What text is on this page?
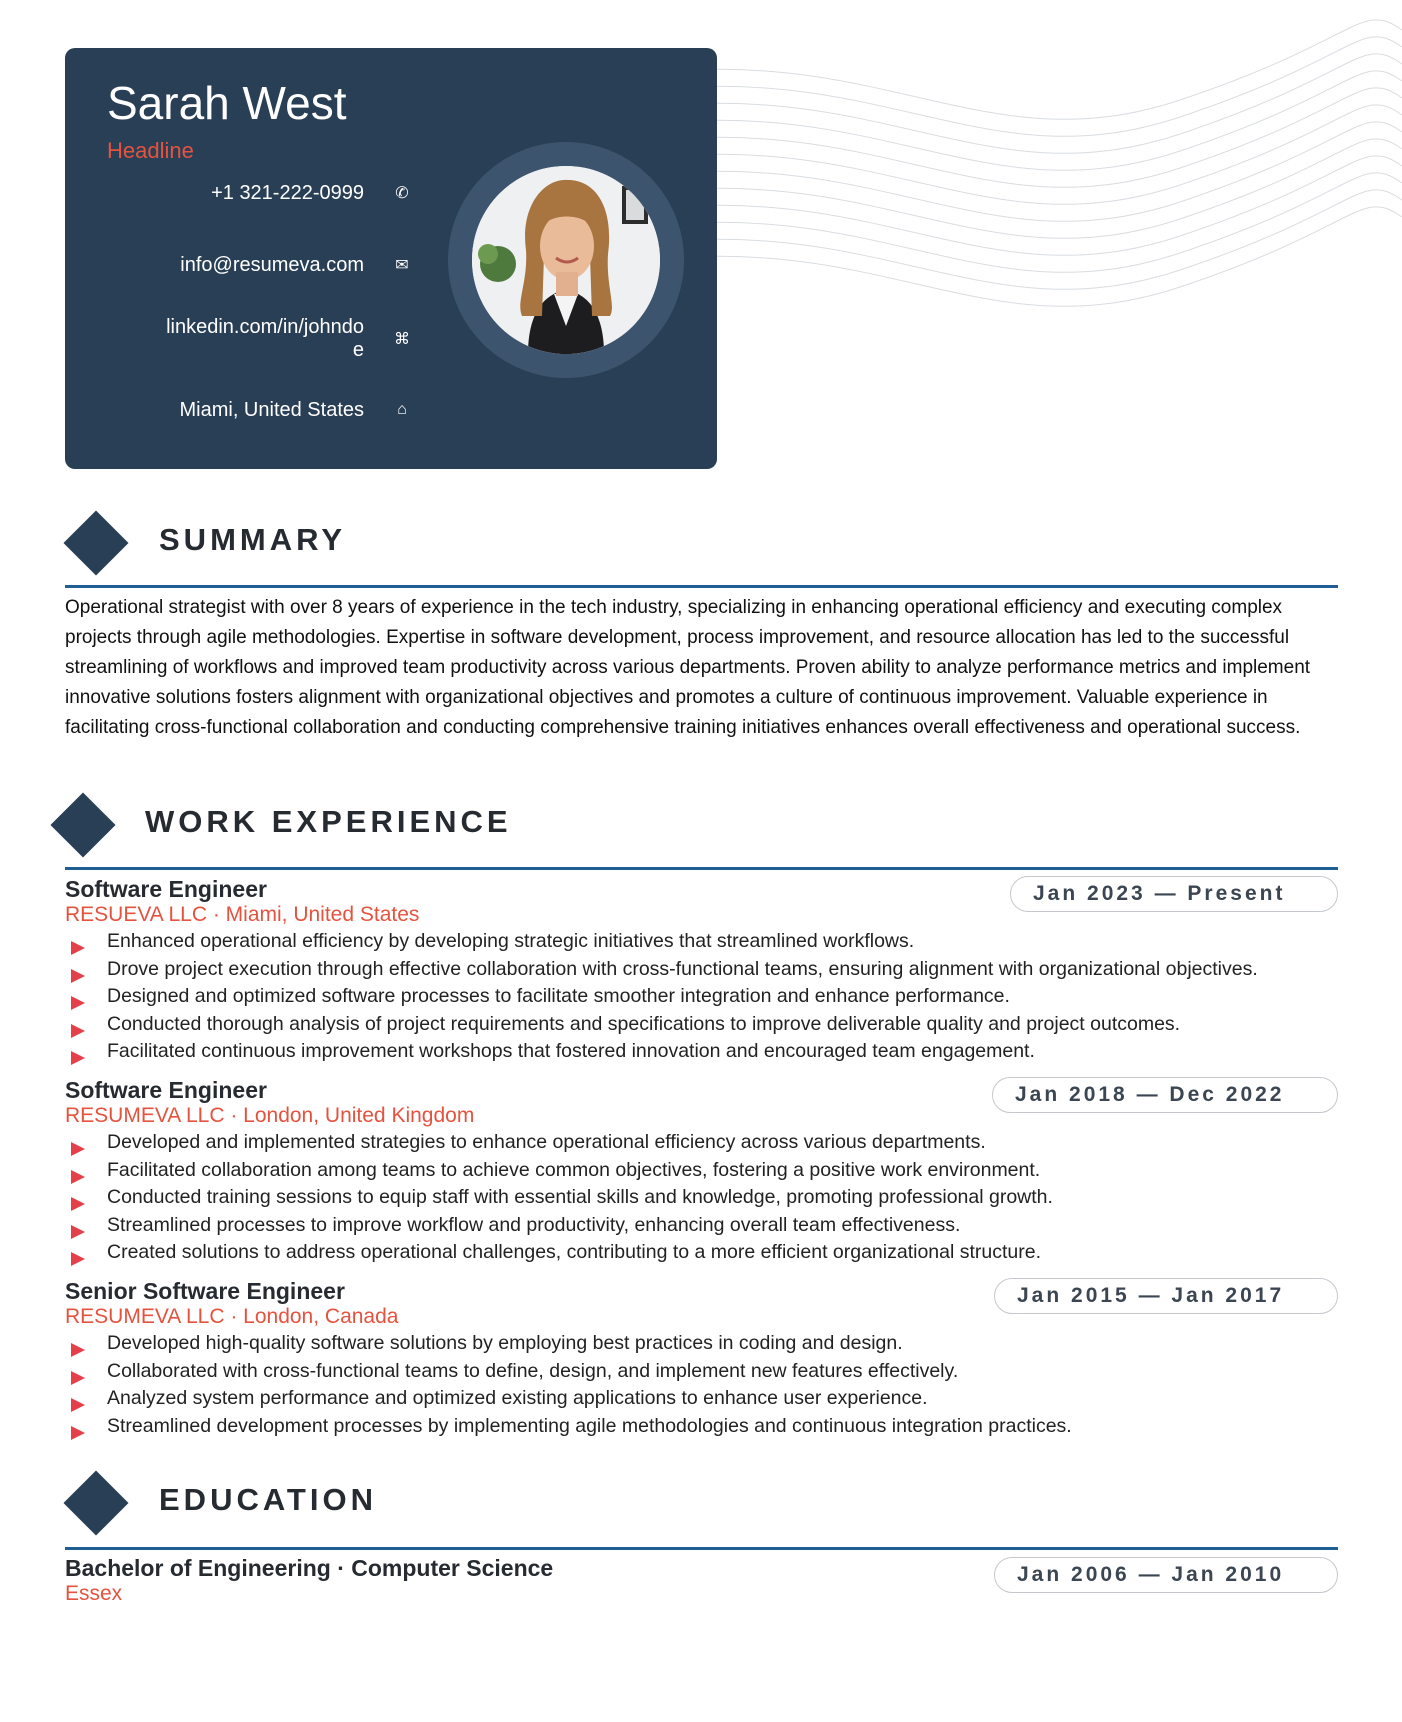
Sarah West
Headline
+1 321-222-0999 ✆
info@resumeva.com ✉
linkedin.com/in/johndoe ⌘
Miami, United States	⌂
SUMMARY

Operational strategist with over 8 years of experience in the tech industry, specializing in enhancing operational efficiency and executing complex projects through agile methodologies. Expertise in software development, process improvement, and resource allocation has led to the successful streamlining of workflows and improved team productivity across various departments. Proven ability to analyze performance metrics and implement innovative solutions fosters alignment with organizational objectives and promotes a culture of continuous improvement. Valuable experience in facilitating cross-functional collaboration and conducting comprehensive training initiatives enhances overall effectiveness and operational success.

WORK EXPERIENCE
Software Engineer
RESUEVA LLC · Miami, United States
Jan 2023 — Present
Enhanced operational efficiency by developing strategic initiatives that streamlined workflows.
Drove project execution through effective collaboration with cross-functional teams, ensuring alignment with organizational objectives.
Designed and optimized software processes to facilitate smoother integration and enhance performance.
Conducted thorough analysis of project requirements and specifications to improve deliverable quality and project outcomes.
Facilitated continuous improvement workshops that fostered innovation and encouraged team engagement.
Software Engineer
RESUMEVA LLC · London, United Kingdom
Jan 2018 — Dec 2022
Developed and implemented strategies to enhance operational efficiency across various departments.
Facilitated collaboration among teams to achieve common objectives, fostering a positive work environment.
Conducted training sessions to equip staff with essential skills and knowledge, promoting professional growth.
Streamlined processes to improve workflow and productivity, enhancing overall team effectiveness.
Created solutions to address operational challenges, contributing to a more efficient organizational structure.
Senior Software Engineer
RESUMEVA LLC · London, Canada
Jan 2015 — Jan 2017
Developed high-quality software solutions by employing best practices in coding and design.
Collaborated with cross-functional teams to define, design, and implement new features effectively.
Analyzed system performance and optimized existing applications to enhance user experience.
Streamlined development processes by implementing agile methodologies and continuous integration practices.
EDUCATION
Bachelor of Engineering · Computer Science
Essex
Jan 2006 — Jan 2010
